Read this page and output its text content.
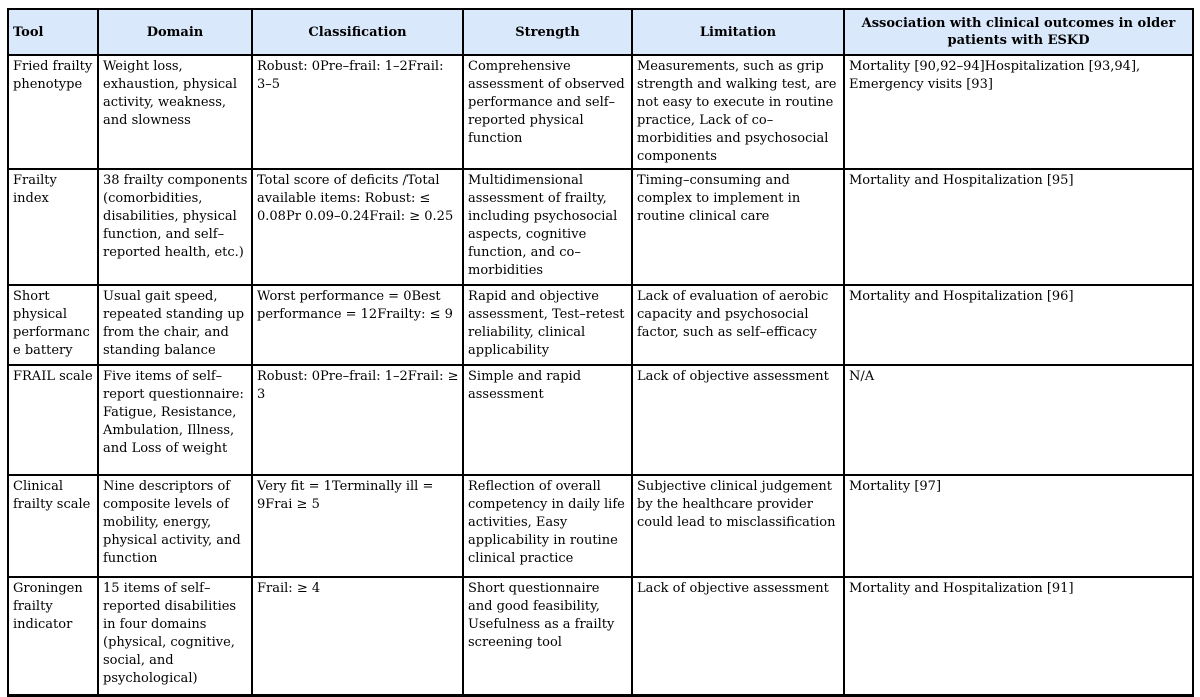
Tool	Domain	Classification	Strength	Limitation	Association with clinical outcomes in older patients with ESKD
Fried frailty phenotype	Weight loss, exhaustion, physical activity, weakness, and slowness	Robust: 0Pre–frail: 1–2Frail: 3–5	Comprehensive assessment of observed performance and self–reported physical function	Measurements, such as grip strength and walking test, are not easy to execute in routine practice, Lack of co–morbidities and psychosocial components	Mortality [90,92–94]Hospitalization [93,94], Emergency visits [93]
Frailty index	38 frailty components (comorbidities, disabilities, physical function, and self–reported health, etc.)	Total score of deficits /Total available items: Robust: ≤ 0.08Pr 0.09–0.24Frail: ≥ 0.25	Multidimensional assessment of frailty, including psychosocial aspects, cognitive function, and co–morbidities	Timing–consuming and complex to implement in routine clinical care	Mortality and Hospitalization [95]
Short physical performance battery	Usual gait speed, repeated standing up from the chair, and standing balance	Worst performance = 0Best performance = 12Frailty: ≤ 9	Rapid and objective assessment, Test–retest reliability, clinical applicability	Lack of evaluation of aerobic capacity and psychosocial factor, such as self–efficacy	Mortality and Hospitalization [96]
FRAIL scale	Five items of self–report questionnaire: Fatigue, Resistance, Ambulation, Illness, and Loss of weight	Robust: 0Pre–frail: 1–2Frail: ≥ 3	Simple and rapid assessment	Lack of objective assessment	N/A
Clinical frailty scale	Nine descriptors of composite levels of mobility, energy, physical activity, and function	Very fit = 1Terminally ill = 9Frai ≥ 5	Reflection of overall competency in daily life activities, Easy applicability in routine clinical practice	Subjective clinical judgement by the healthcare provider could lead to misclassification	Mortality [97]
Groningen frailty indicator	15 items of self–reported disabilities in four domains (physical, cognitive, social, and psychological)	Frail: ≥ 4	Short questionnaire and good feasibility, Usefulness as a frailty screening tool	Lack of objective assessment	Mortality and Hospitalization [91]
